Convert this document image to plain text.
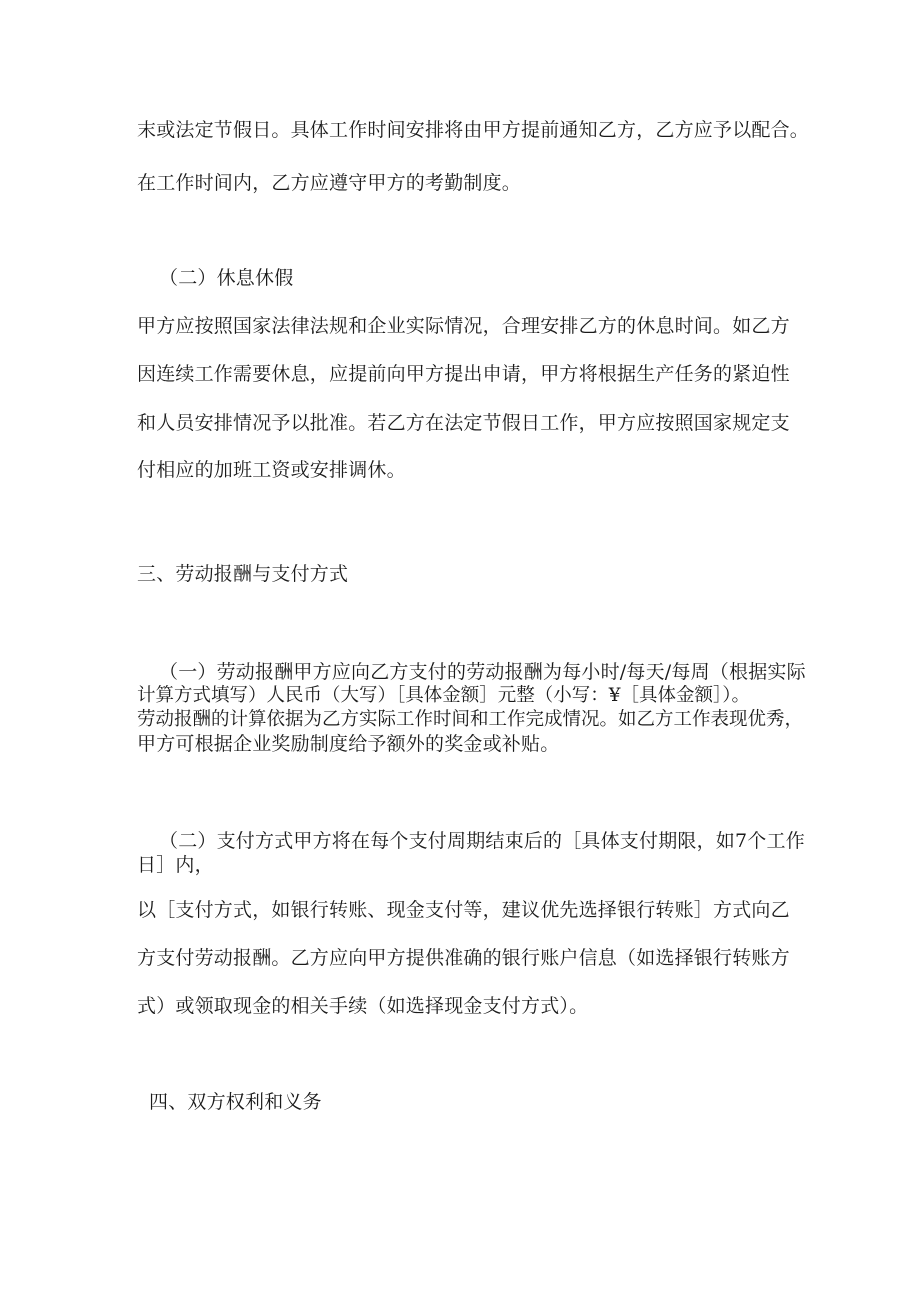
末或法定节假日。具体工作时间安排将由甲方提前通知乙方，乙方应予以配合。
在工作时间内，乙方应遵守甲方的考勤制度。
（二）休息休假
甲方应按照国家法律法规和企业实际情况，合理安排乙方的休息时间。如乙方
因连续工作需要休息，应提前向甲方提出申请，甲方将根据生产任务的紧迫性
和人员安排情况予以批准。若乙方在法定节假日工作，甲方应按照国家规定支
付相应的加班工资或安排调休。
三、劳动报酬与支付方式
（一）劳动报酬甲方应向乙方支付的劳动报酬为每小时/每天/每周（根据实际
计算方式填写）人民币（大写）［具体金额］元整（小写：¥［具体金额］）。
劳动报酬的计算依据为乙方实际工作时间和工作完成情况。如乙方工作表现优秀，
甲方可根据企业奖励制度给予额外的奖金或补贴。
（二）支付方式甲方将在每个支付周期结束后的［具体支付期限，如7个工作
日］内，
以［支付方式，如银行转账、现金支付等，建议优先选择银行转账］方式向乙
方支付劳动报酬。乙方应向甲方提供准确的银行账户信息（如选择银行转账方
式）或领取现金的相关手续（如选择现金支付方式）。
四、双方权利和义务
